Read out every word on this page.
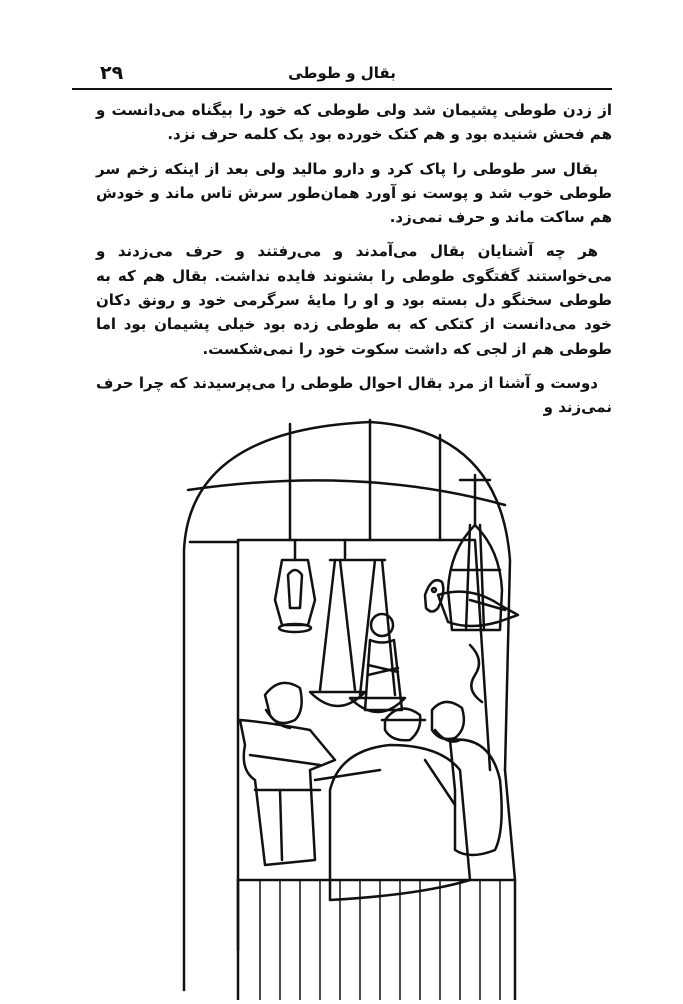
۲۹	بقال و طوطی

از زدن طوطی پشیمان شد ولی طوطی که خود را بیگناه می‌دانست و هم فحش شنیده بود و هم کتک خورده بود یک کلمه حرف نزد.

بقال سر طوطی را پاک کرد و دارو مالید ولی بعد از اینکه زخم سر طوطی خوب شد و پوست نو آورد همان‌طور سرش تاس ماند و خودش هم ساکت ماند و حرف نمی‌زد.

هر چه آشنایان بقال می‌آمدند و می‌رفتند و حرف می‌زدند و می‌خواستند گفتگوی طوطی را بشنوند فایده نداشت. بقال هم که به طوطی سخنگو دل بسته بود و او را مایهٔ سرگرمی خود و رونق دکان خود می‌دانست از کتکی که به طوطی زده بود خیلی پشیمان بود اما طوطی هم از لجی که داشت سکوت خود را نمی‌شکست.

دوست و آشنا از مرد بقال احوال طوطی را می‌پرسیدند که چرا حرف نمی‌زند و
